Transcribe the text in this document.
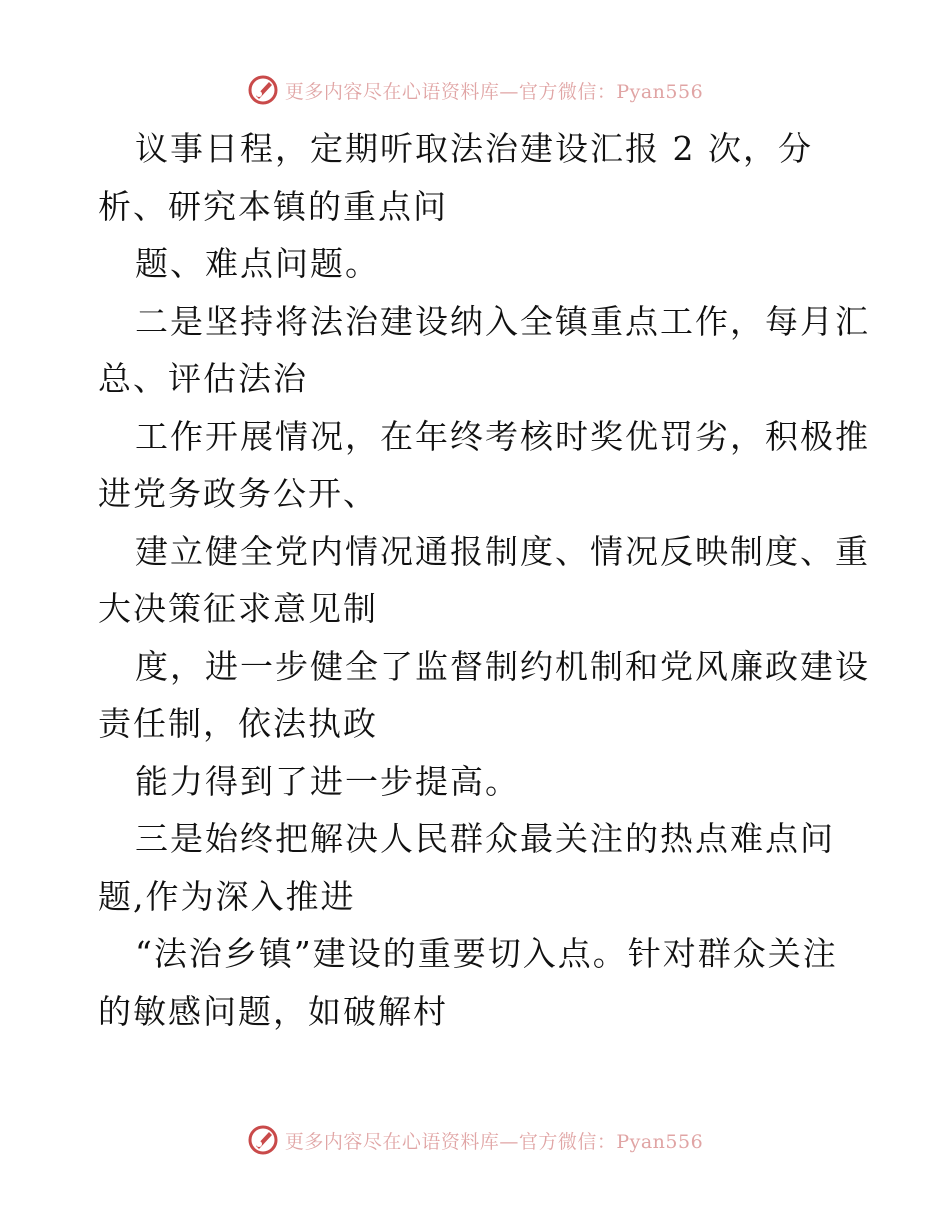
更多内容尽在心语资料库—官方微信：Pyan556
议事日程，定期听取法治建设汇报 2 次，分
析、研究本镇的重点问
题、难点问题。
二是坚持将法治建设纳入全镇重点工作，每月汇
总、评估法治
工作开展情况，在年终考核时奖优罚劣，积极推
进党务政务公开、
建立健全党内情况通报制度、情况反映制度、重
大决策征求意见制
度，进一步健全了监督制约机制和党风廉政建设
责任制，依法执政
能力得到了进一步提高。
三是始终把解决人民群众最关注的热点难点问
题,作为深入推进
“法治乡镇”建设的重要切入点。针对群众关注
的敏感问题，如破解村
更多内容尽在心语资料库—官方微信：Pyan556
